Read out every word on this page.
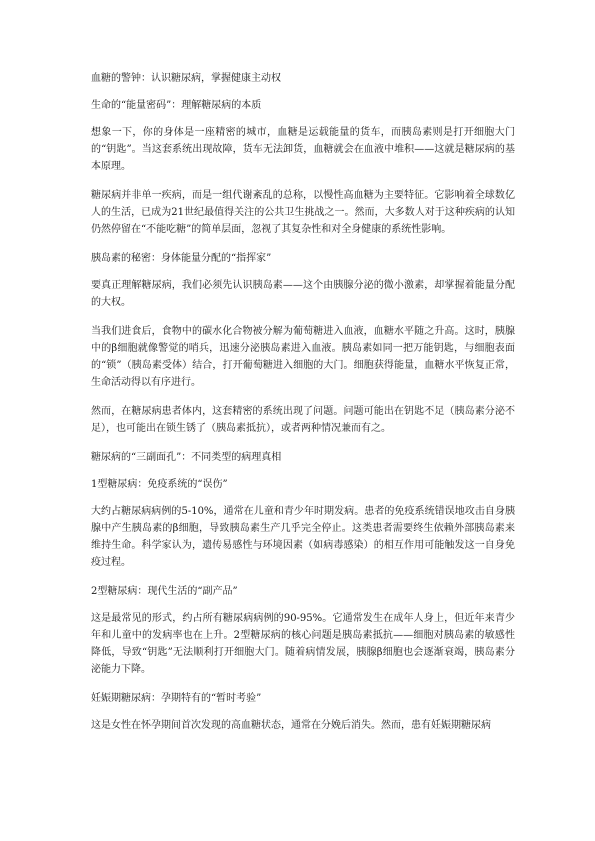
血糖的警钟：认识糖尿病，掌握健康主动权

生命的“能量密码”：理解糖尿病的本质

想象一下，你的身体是一座精密的城市，血糖是运载能量的货车，而胰岛素则是打开细胞大门的“钥匙”。当这套系统出现故障，货车无法卸货，血糖就会在血液中堆积——这就是糖尿病的基本原理。

糖尿病并非单一疾病，而是一组代谢紊乱的总称，以慢性高血糖为主要特征。它影响着全球数亿人的生活，已成为21世纪最值得关注的公共卫生挑战之一。然而，大多数人对于这种疾病的认知仍然停留在“不能吃糖”的简单层面，忽视了其复杂性和对全身健康的系统性影响。

胰岛素的秘密：身体能量分配的“指挥家”

要真正理解糖尿病，我们必须先认识胰岛素——这个由胰腺分泌的微小激素，却掌握着能量分配的大权。

当我们进食后，食物中的碳水化合物被分解为葡萄糖进入血液，血糖水平随之升高。这时，胰腺中的β细胞就像警觉的哨兵，迅速分泌胰岛素进入血液。胰岛素如同一把万能钥匙，与细胞表面的“锁”（胰岛素受体）结合，打开葡萄糖进入细胞的大门。细胞获得能量，血糖水平恢复正常，生命活动得以有序进行。

然而，在糖尿病患者体内，这套精密的系统出现了问题。问题可能出在钥匙不足（胰岛素分泌不足），也可能出在锁生锈了（胰岛素抵抗），或者两种情况兼而有之。

糖尿病的“三副面孔”：不同类型的病理真相

1型糖尿病：免疫系统的“误伤”

大约占糖尿病病例的5-10%，通常在儿童和青少年时期发病。患者的免疫系统错误地攻击自身胰腺中产生胰岛素的β细胞，导致胰岛素生产几乎完全停止。这类患者需要终生依赖外部胰岛素来维持生命。科学家认为，遗传易感性与环境因素（如病毒感染）的相互作用可能触发这一自身免疫过程。

2型糖尿病：现代生活的“副产品”

这是最常见的形式，约占所有糖尿病病例的90-95%。它通常发生在成年人身上，但近年来青少年和儿童中的发病率也在上升。2型糖尿病的核心问题是胰岛素抵抗——细胞对胰岛素的敏感性降低，导致“钥匙”无法顺利打开细胞大门。随着病情发展，胰腺β细胞也会逐渐衰竭，胰岛素分泌能力下降。

妊娠期糖尿病：孕期特有的“暂时考验”

这是女性在怀孕期间首次发现的高血糖状态，通常在分娩后消失。然而，患有妊娠期糖尿病
